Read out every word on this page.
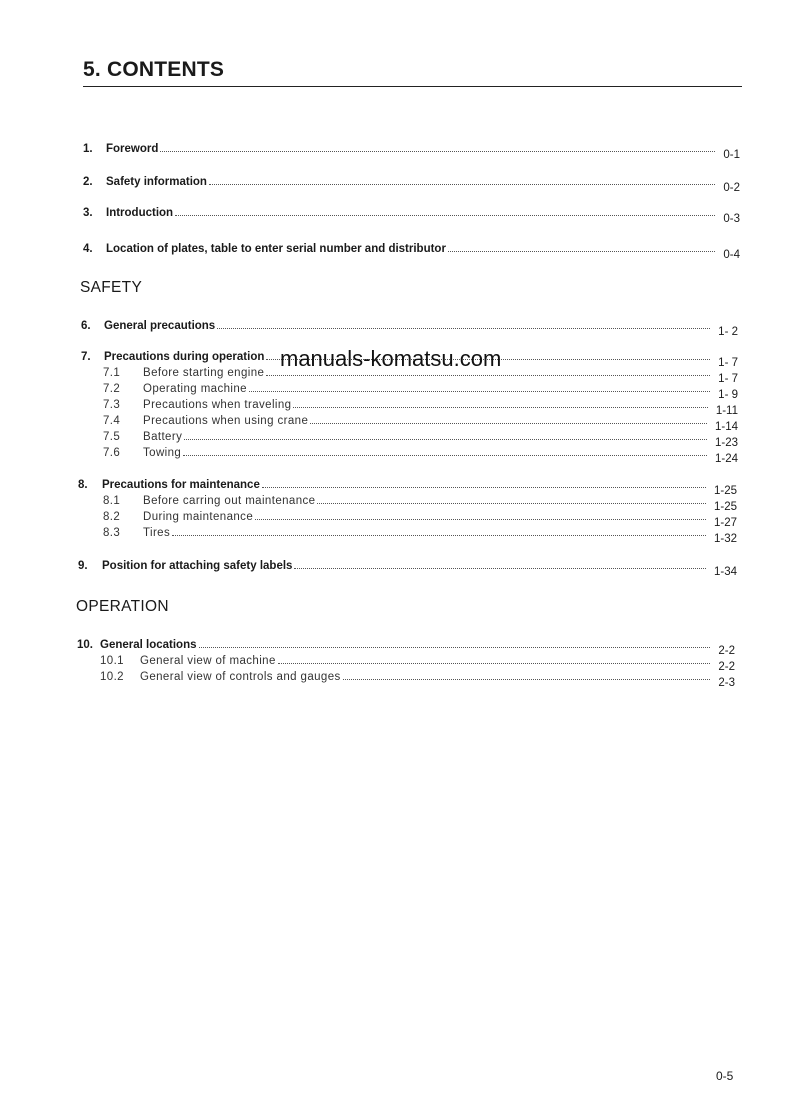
5. CONTENTS
SAFETY
OPERATION
1.	Foreword	0-1
2.	Safety information	0-2
3.	Introduction	0-3
4.	Location of plates, table to enter serial number and distributor	0-4
6.	General precautions	1- 2
7.	Precautions during operation	1- 7
7.1	Before starting engine	1- 7
7.2	Operating machine	1- 9
7.3	Precautions when traveling	1-11
7.4	Precautions when using crane	1-14
7.5	Battery	1-23
7.6	Towing	1-24
8.	Precautions for maintenance	1-25
8.1	Before carring out maintenance	1-25
8.2	During maintenance	1-27
8.3	Tires	1-32
9.	Position for attaching safety labels	1-34
10. General locations	2-2
10.1	General view of machine	2-2
10.2	General view of controls and gauges	2-3
manuals-komatsu.com
0-5
